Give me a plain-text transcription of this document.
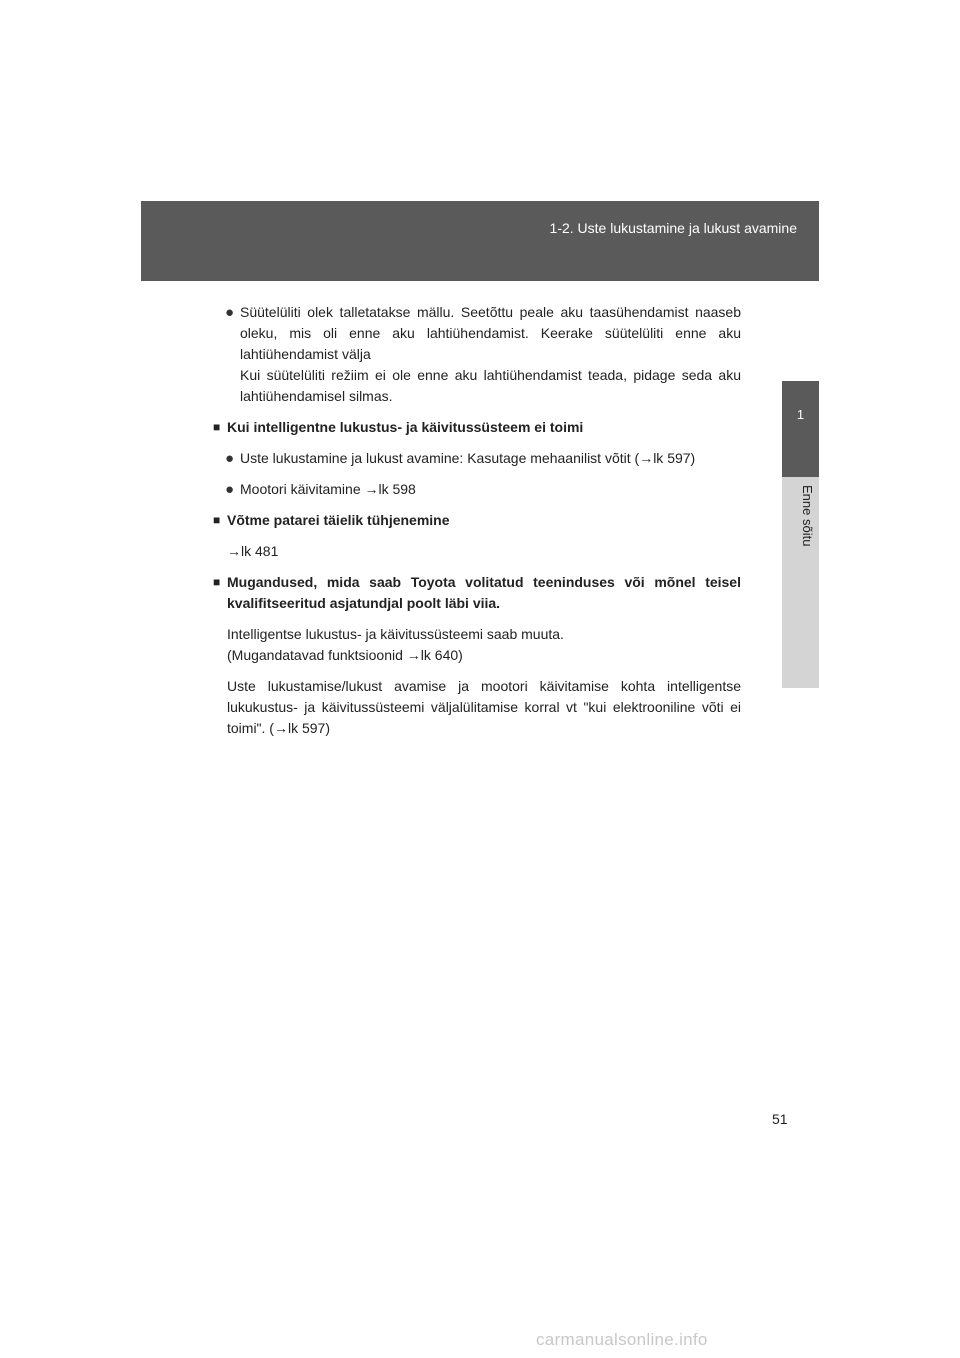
1-2. Uste lukustamine ja lukust avamine
1
Enne sõitu
● Süütelüliti olek talletatakse mällu. Seetõttu peale aku taasühendamist naaseb oleku, mis oli enne aku lahtiühendamist. Keerake süütelüliti enne aku lahtiühendamist välja
Kui süütelüliti režiim ei ole enne aku lahtiühendamist teada, pidage seda aku lahtiühendamisel silmas.
■ Kui intelligentne lukustus- ja käivitussüsteem ei toimi
● Uste lukustamine ja lukust avamine: Kasutage mehaanilist võtit (→lk 597)
● Mootori käivitamine →lk 598
■ Võtme patarei täielik tühjenemine
→lk 481
■ Mugandused, mida saab Toyota volitatud teeninduses või mõnel teisel kvalifitseeritud asjatundjal poolt läbi viia.
Intelligentse lukustus- ja käivitussüsteemi saab muuta.
(Mugandatavad funktsioonid →lk 640)
Uste lukustamise/lukust avamise ja mootori käivitamise kohta intelligentse lukukustus- ja käivitussüsteemi väljalülitamise korral vt "kui elektrooniline võti ei toimi". (→lk 597)
51
carmanualsonline.info
